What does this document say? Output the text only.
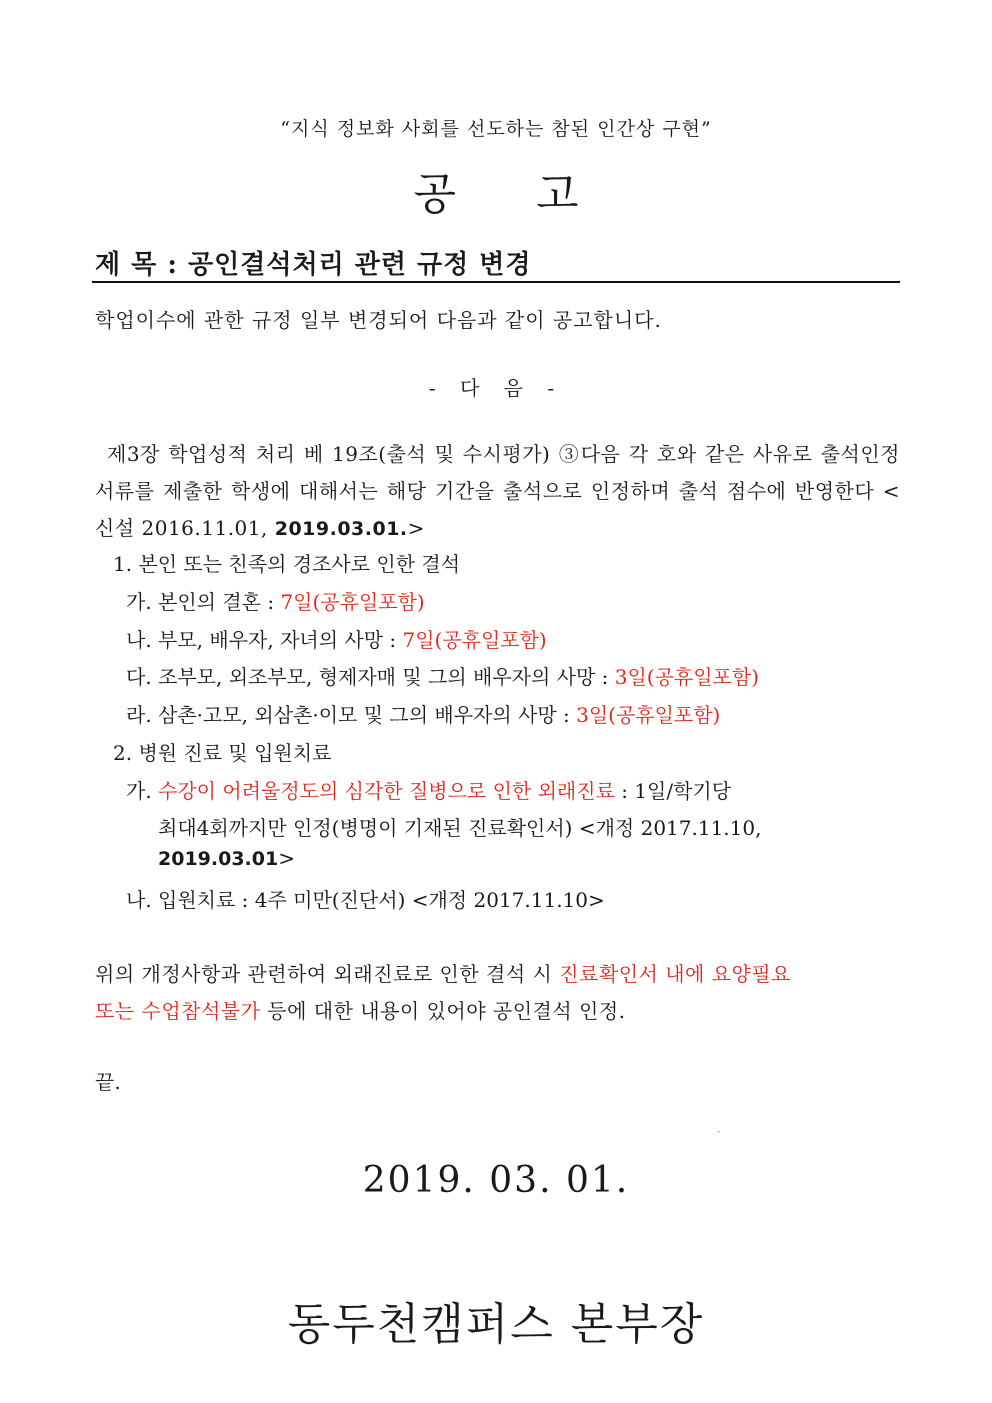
“지식 정보화 사회를 선도하는 참된 인간상 구현”
공 고
제 목 : 공인결석처리 관련 규정 변경
학업이수에 관한 규정 일부 변경되어 다음과 같이 공고합니다.
- 다 음 -
제3장 학업성적 처리 베 19조(출석 및 수시평가) ③다음 각 호와 같은 사유로 출석인정서류를 제출한 학생에 대해서는 해당 기간을 출석으로 인정하며 출석 점수에 반영한다 <신설 2016.11.01, 2019.03.01.>
1. 본인 또는 친족의 경조사로 인한 결석
가. 본인의 결혼 : 7일(공휴일포함)
나. 부모, 배우자, 자녀의 사망 : 7일(공휴일포함)
다. 조부모, 외조부모, 형제자매 및 그의 배우자의 사망 : 3일(공휴일포함)
라. 삼촌·고모, 외삼촌·이모 및 그의 배우자의 사망 : 3일(공휴일포함)
2. 병원 진료 및 입원치료
가. 수강이 어려울정도의 심각한 질병으로 인한 외래진료 : 1일/학기당
최대4회까지만 인정(병명이 기재된 진료확인서) <개정 2017.11.10,
2019.03.01>
나. 입원치료 : 4주 미만(진단서) <개정 2017.11.10>
위의 개정사항과 관련하여 외래진료로 인한 결석 시 진료확인서 내에 요양필요
또는 수업참석불가 등에 대한 내용이 있어야 공인결석 인정.
끝.
ˏ
2019. 03. 01.
동두천캠퍼스 본부장
